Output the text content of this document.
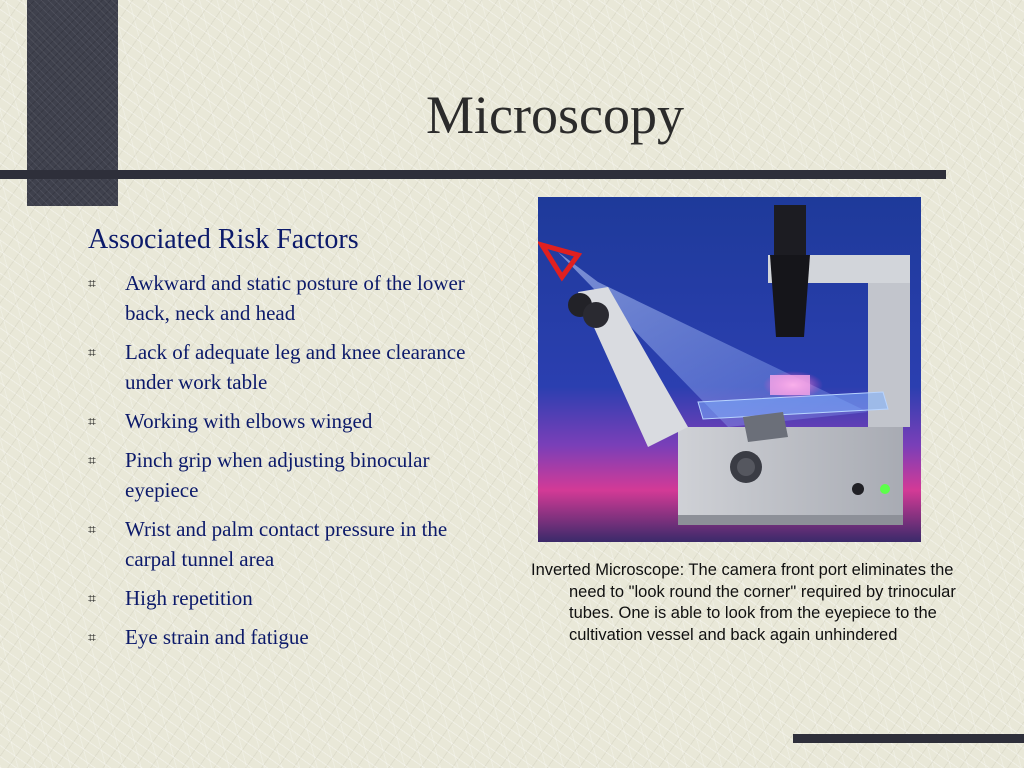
Microscopy
Associated Risk Factors
⌗ Awkward and static posture of the lower back, neck and head
⌗ Lack of adequate leg and knee clearance under work table
⌗ Working with elbows winged
⌗ Pinch grip when adjusting binocular eyepiece
⌗ Wrist and palm contact pressure in the carpal tunnel area
⌗ High repetition
⌗ Eye strain and fatigue
Inverted Microscope: The camera front port eliminates the need to "look round the corner" required by trinocular tubes. One is able to look from the eyepiece to the cultivation vessel and back again unhindered
